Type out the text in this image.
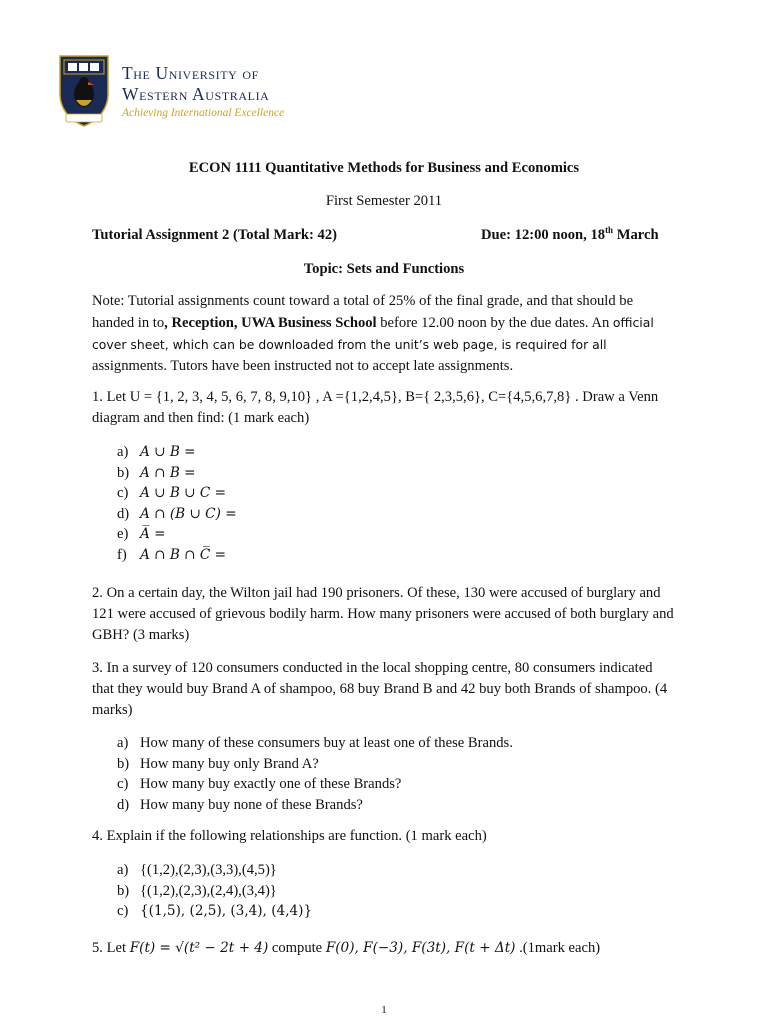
The University of
Western Australia
Achieving International Excellence
ECON 1111 Quantitative Methods for Business and Economics
First Semester 2011
Tutorial Assignment 2 (Total Mark: 42)	Due: 12:00 noon, 18th March
Topic: Sets and Functions
Note: Tutorial assignments count toward a total of 25% of the final grade, and that should be handed in to, Reception, UWA Business School before 12.00 noon by the due dates. An official cover sheet, which can be downloaded from the unit’s web page, is required for all assignments. Tutors have been instructed not to accept late assignments.
1. Let U = {1, 2, 3, 4, 5, 6, 7, 8, 9,10} , A ={1,2,4,5}, B={ 2,3,5,6}, C={4,5,6,7,8} . Draw a Venn diagram and then find: (1 mark each)
a) A ∪ B =
b) A ∩ B =
c) A ∪ B ∪ C =
d) A ∩ (B ∪ C) =
e) A̅ =
f) A ∩ B ∩ C̅ =
2. On a certain day, the Wilton jail had 190 prisoners. Of these, 130 were accused of burglary and 121 were accused of grievous bodily harm. How many prisoners were accused of both burglary and GBH? (3 marks)
3. In a survey of 120 consumers conducted in the local shopping centre, 80 consumers indicated that they would buy Brand A of shampoo, 68 buy Brand B and 42 buy both Brands of shampoo. (4 marks)
a) How many of these consumers buy at least one of these Brands.
b) How many buy only Brand A?
c) How many buy exactly one of these Brands?
d) How many buy none of these Brands?
4. Explain if the following relationships are function. (1 mark each)
a) {(1,2),(2,3),(3,3),(4,5)}
b) {(1,2),(2,3),(2,4),(3,4)}
c) {(1,5), (2,5), (3,4), (4,4)}
5. Let F(t) = √(t² − 2t + 4) compute F(0), F(−3), F(3t), F(t + Δt) .(1mark each)
1
